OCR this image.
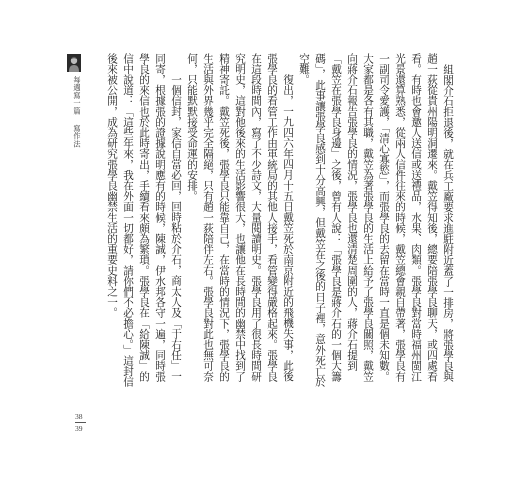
每週寫一篇 寫作法	組閣介石拒退後，就在兵工廠要求進駐附近蓋了一排房，將張學良與趙一荻從貴州陽明洞遷來。戴笠得知後，總要陪張學良聊天，或四處看看。有時也會邀人送信或送禮品，水果、肉類。張學良對當時福州閩江光景還算熟悉，從兩人信件往來的時候，戴笠總會親自帶著，張學良有一副司令愛護，「清心寡慾」，而張學良的去留在當時一直是個未知數。大家都是各有其職，戴笠為著張學良的生活上給予了張學良關照，戴笠向蔣介石報告張學良的情況，張學良也還清楚周圍的人，蔣介石提到「戴笠在張學良身邊」之後，曾有人說：「張學良是蔣介石的一個大籌碼」，此事讓張學良感到十分高興，但戴笠在之後的日子裡，意外死亡於空難。

復出，一九四六年四月十五日戴笠死於南京附近的飛機失事，此後張學良的看管工作由軍統局的其他人接手，看管變得嚴格起來。張學良在這段時間內，寫了不少詩文，大量閱讀明史。張學良用了很長時間研究明史，這對他後來的生活影響很大，也讓他在長時間的幽禁中找到了精神寄託。戴笠死後，張學良只能靠自己，在當時的情況下，張學良的生活與外界幾乎完全隔絕，只有趙一荻陪伴左右。張學良對此也無可奈何，只能默默接受命運的安排。

一個信封，家信自當必回，回時粘於介石，商太人及「于右任」一同寄，根據張的證據說明應有的時候，陳誠，伊水邦各守一遍，同時張學良的來信也於此時寄出，手續看來頗為繁瑣。張學良在「給陳誠」的信中說道：「這些年來，我在外面一切都好，請你們不必擔心。」這封信後來被公開，成為研究張學良幽禁生活的重要史料之一。

38
39
